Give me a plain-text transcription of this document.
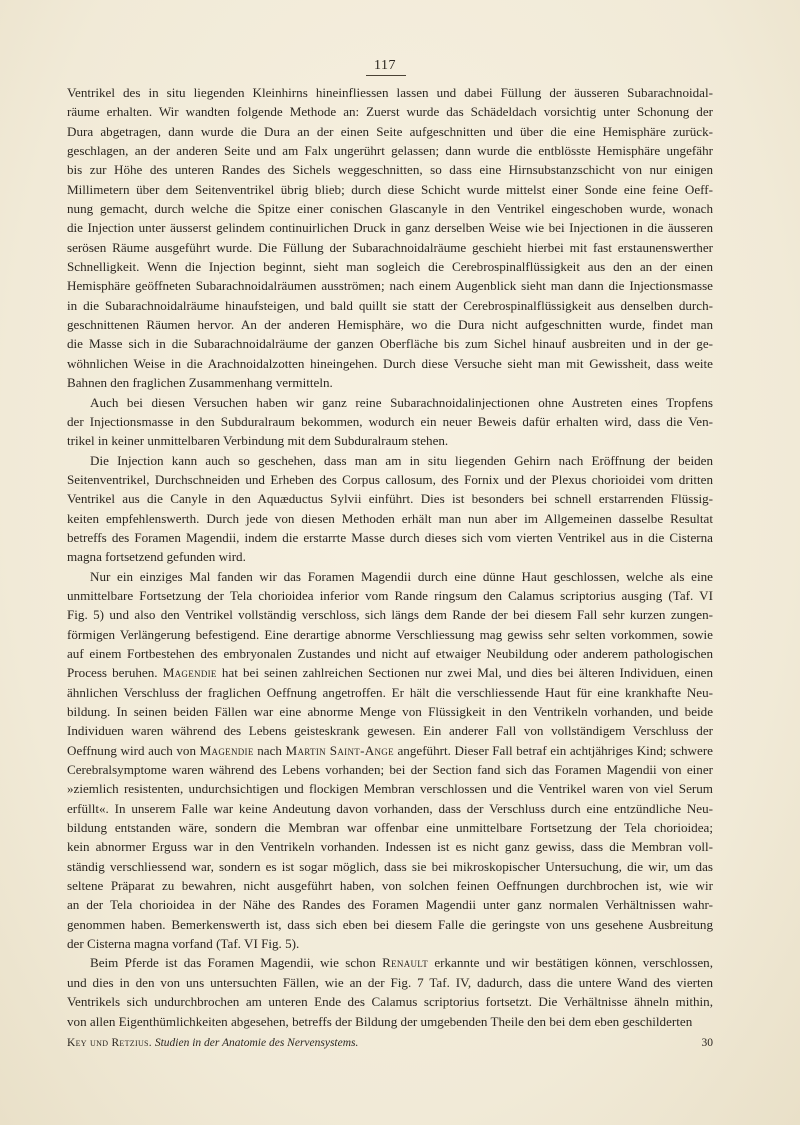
117
Ventrikel des in situ liegenden Kleinhirns hineinfliessen lassen und dabei Füllung der äusseren Subarachnoidal-
räume erhalten. Wir wandten folgende Methode an: Zuerst wurde das Schädeldach vorsichtig unter Schonung der
Dura abgetragen, dann wurde die Dura an der einen Seite aufgeschnitten und über die eine Hemisphäre zurück-
geschlagen, an der anderen Seite und am Falx ungerührt gelassen; dann wurde die entblösste Hemisphäre ungefähr
bis zur Höhe des unteren Randes des Sichels weggeschnitten, so dass eine Hirnsubstanzschicht von nur einigen
Millimetern über dem Seitenventrikel übrig blieb; durch diese Schicht wurde mittelst einer Sonde eine feine Oeff-
nung gemacht, durch welche die Spitze einer conischen Glascanyle in den Ventrikel eingeschoben wurde, wonach
die Injection unter äusserst gelindem continuirlichen Druck in ganz derselben Weise wie bei Injectionen in die äusseren
serösen Räume ausgeführt wurde. Die Füllung der Subarachnoidalräume geschieht hierbei mit fast erstaunenswerther
Schnelligkeit. Wenn die Injection beginnt, sieht man sogleich die Cerebrospinalflüssigkeit aus den an der einen
Hemisphäre geöffneten Subarachnoidalräumen ausströmen; nach einem Augenblick sieht man dann die Injectionsmasse
in die Subarachnoidalräume hinaufsteigen, und bald quillt sie statt der Cerebrospinalflüssigkeit aus denselben durch-
geschnittenen Räumen hervor. An der anderen Hemisphäre, wo die Dura nicht aufgeschnitten wurde, findet man
die Masse sich in die Subarachnoidalräume der ganzen Oberfläche bis zum Sichel hinauf ausbreiten und in der ge-
wöhnlichen Weise in die Arachnoidalzotten hineingehen. Durch diese Versuche sieht man mit Gewissheit, dass weite
Bahnen den fraglichen Zusammenhang vermitteln.
Auch bei diesen Versuchen haben wir ganz reine Subarachnoidalinjectionen ohne Austreten eines Tropfens
der Injectionsmasse in den Subduralraum bekommen, wodurch ein neuer Beweis dafür erhalten wird, dass die Ven-
trikel in keiner unmittelbaren Verbindung mit dem Subduralraum stehen.
Die Injection kann auch so geschehen, dass man am in situ liegenden Gehirn nach Eröffnung der beiden
Seitenventrikel, Durchschneiden und Erheben des Corpus callosum, des Fornix und der Plexus chorioidei vom dritten
Ventrikel aus die Canyle in den Aquæductus Sylvii einführt. Dies ist besonders bei schnell erstarrenden Flüssig-
keiten empfehlenswerth. Durch jede von diesen Methoden erhält man nun aber im Allgemeinen dasselbe Resultat
betreffs des Foramen Magendii, indem die erstarrte Masse durch dieses sich vom vierten Ventrikel aus in die Cisterna
magna fortsetzend gefunden wird.
Nur ein einziges Mal fanden wir das Foramen Magendii durch eine dünne Haut geschlossen, welche als eine
unmittelbare Fortsetzung der Tela chorioidea inferior vom Rande ringsum den Calamus scriptorius ausging (Taf. VI
Fig. 5) und also den Ventrikel vollständig verschloss, sich längs dem Rande der bei diesem Fall sehr kurzen zungen-
förmigen Verlängerung befestigend. Eine derartige abnorme Verschliessung mag gewiss sehr selten vorkommen, sowie
auf einem Fortbestehen des embryonalen Zustandes und nicht auf etwaiger Neubildung oder anderem pathologischen
Process beruhen. Magendie hat bei seinen zahlreichen Sectionen nur zwei Mal, und dies bei älteren Individuen, einen
ähnlichen Verschluss der fraglichen Oeffnung angetroffen. Er hält die verschliessende Haut für eine krankhafte Neu-
bildung. In seinen beiden Fällen war eine abnorme Menge von Flüssigkeit in den Ventrikeln vorhanden, und beide
Individuen waren während des Lebens geisteskrank gewesen. Ein anderer Fall von vollständigem Verschluss der
Oeffnung wird auch von Magendie nach Martin Saint-Ange angeführt. Dieser Fall betraf ein achtjähriges Kind; schwere
Cerebralsymptome waren während des Lebens vorhanden; bei der Section fand sich das Foramen Magendii von einer
»ziemlich resistenten, undurchsichtigen und flockigen Membran verschlossen und die Ventrikel waren von viel Serum
erfüllt«. In unserem Falle war keine Andeutung davon vorhanden, dass der Verschluss durch eine entzündliche Neu-
bildung entstanden wäre, sondern die Membran war offenbar eine unmittelbare Fortsetzung der Tela chorioidea;
kein abnormer Erguss war in den Ventrikeln vorhanden. Indessen ist es nicht ganz gewiss, dass die Membran voll-
ständig verschliessend war, sondern es ist sogar möglich, dass sie bei mikroskopischer Untersuchung, die wir, um das
seltene Präparat zu bewahren, nicht ausgeführt haben, von solchen feinen Oeffnungen durchbrochen ist, wie wir
an der Tela chorioidea in der Nähe des Randes des Foramen Magendii unter ganz normalen Verhältnissen wahr-
genommen haben. Bemerkenswerth ist, dass sich eben bei diesem Falle die geringste von uns gesehene Ausbreitung
der Cisterna magna vorfand (Taf. VI Fig. 5).
Beim Pferde ist das Foramen Magendii, wie schon Renault erkannte und wir bestätigen können, verschlossen,
und dies in den von uns untersuchten Fällen, wie an der Fig. 7 Taf. IV, dadurch, dass die untere Wand des vierten
Ventrikels sich undurchbrochen am unteren Ende des Calamus scriptorius fortsetzt. Die Verhältnisse ähneln mithin,
von allen Eigenthümlichkeiten abgesehen, betreffs der Bildung der umgebenden Theile den bei dem eben geschilderten
Key und Retzius. Studien in der Anatomie des Nervensystems.	30
